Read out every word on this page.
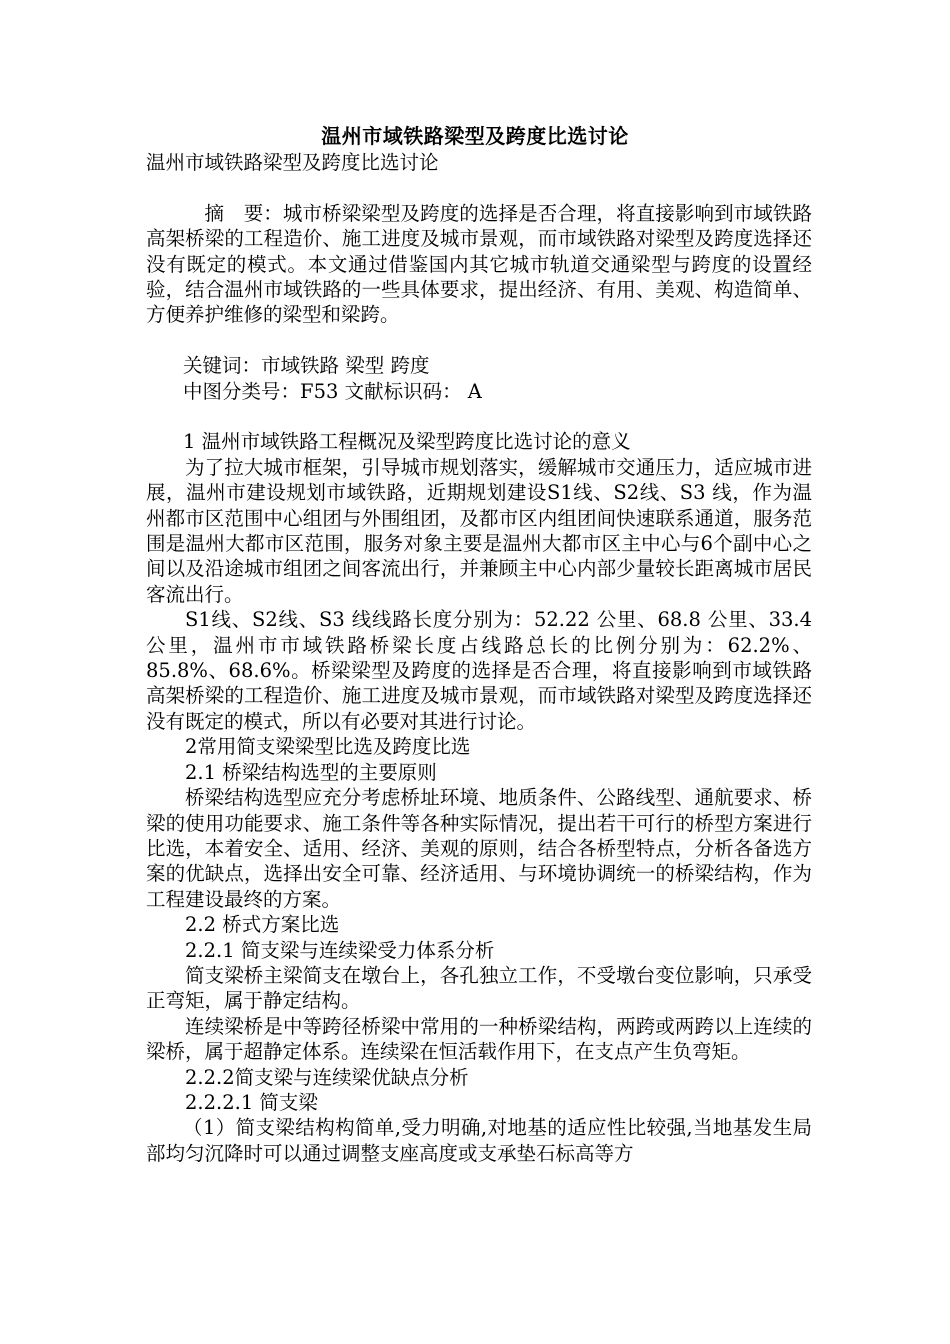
温州市域铁路梁型及跨度比选讨论

温州市域铁路梁型及跨度比选讨论

摘　要：城市桥梁梁型及跨度的选择是否合理，将直接影响到市域铁路高架桥梁的工程造价、施工进度及城市景观，而市域铁路对梁型及跨度选择还没有既定的模式。本文通过借鉴国内其它城市轨道交通梁型与跨度的设置经验，结合温州市域铁路的一些具体要求，提出经济、有用、美观、构造简单、方便养护维修的梁型和梁跨。

关键词：市域铁路 梁型 跨度

中图分类号：F53 文献标识码： A

1 温州市域铁路工程概况及梁型跨度比选讨论的意义

为了拉大城市框架，引导城市规划落实，缓解城市交通压力，适应城市进展，温州市建设规划市域铁路，近期规划建设S1线、S2线、S3 线，作为温州都市区范围中心组团与外围组团，及都市区内组团间快速联系通道，服务范围是温州大都市区范围，服务对象主要是温州大都市区主中心与6个副中心之间以及沿途城市组团之间客流出行，并兼顾主中心内部少量较长距离城市居民客流出行。

S1线、S2线、S3 线线路长度分别为：52.22 公里、68.8 公里、33.4 公里，温州市市域铁路桥梁长度占线路总长的比例分别为：62.2%、85.8%、68.6%。桥梁梁型及跨度的选择是否合理，将直接影响到市域铁路高架桥梁的工程造价、施工进度及城市景观，而市域铁路对梁型及跨度选择还没有既定的模式，所以有必要对其进行讨论。

2常用简支梁梁型比选及跨度比选

2.1 桥梁结构选型的主要原则

桥梁结构选型应充分考虑桥址环境、地质条件、公路线型、通航要求、桥梁的使用功能要求、施工条件等各种实际情况，提出若干可行的桥型方案进行比选，本着安全、适用、经济、美观的原则，结合各桥型特点，分析各备选方案的优缺点，选择出安全可靠、经济适用、与环境协调统一的桥梁结构，作为工程建设最终的方案。

2.2 桥式方案比选

2.2.1 简支梁与连续梁受力体系分析

简支梁桥主梁简支在墩台上，各孔独立工作，不受墩台变位影响，只承受正弯矩，属于静定结构。

连续梁桥是中等跨径桥梁中常用的一种桥梁结构，两跨或两跨以上连续的梁桥，属于超静定体系。连续梁在恒活载作用下，在支点产生负弯矩。

2.2.2简支梁与连续梁优缺点分析

2.2.2.1 简支梁

（1）简支梁结构构简单,受力明确,对地基的适应性比较强,当地基发生局部均匀沉降时可以通过调整支座高度或支承垫石标高等方
